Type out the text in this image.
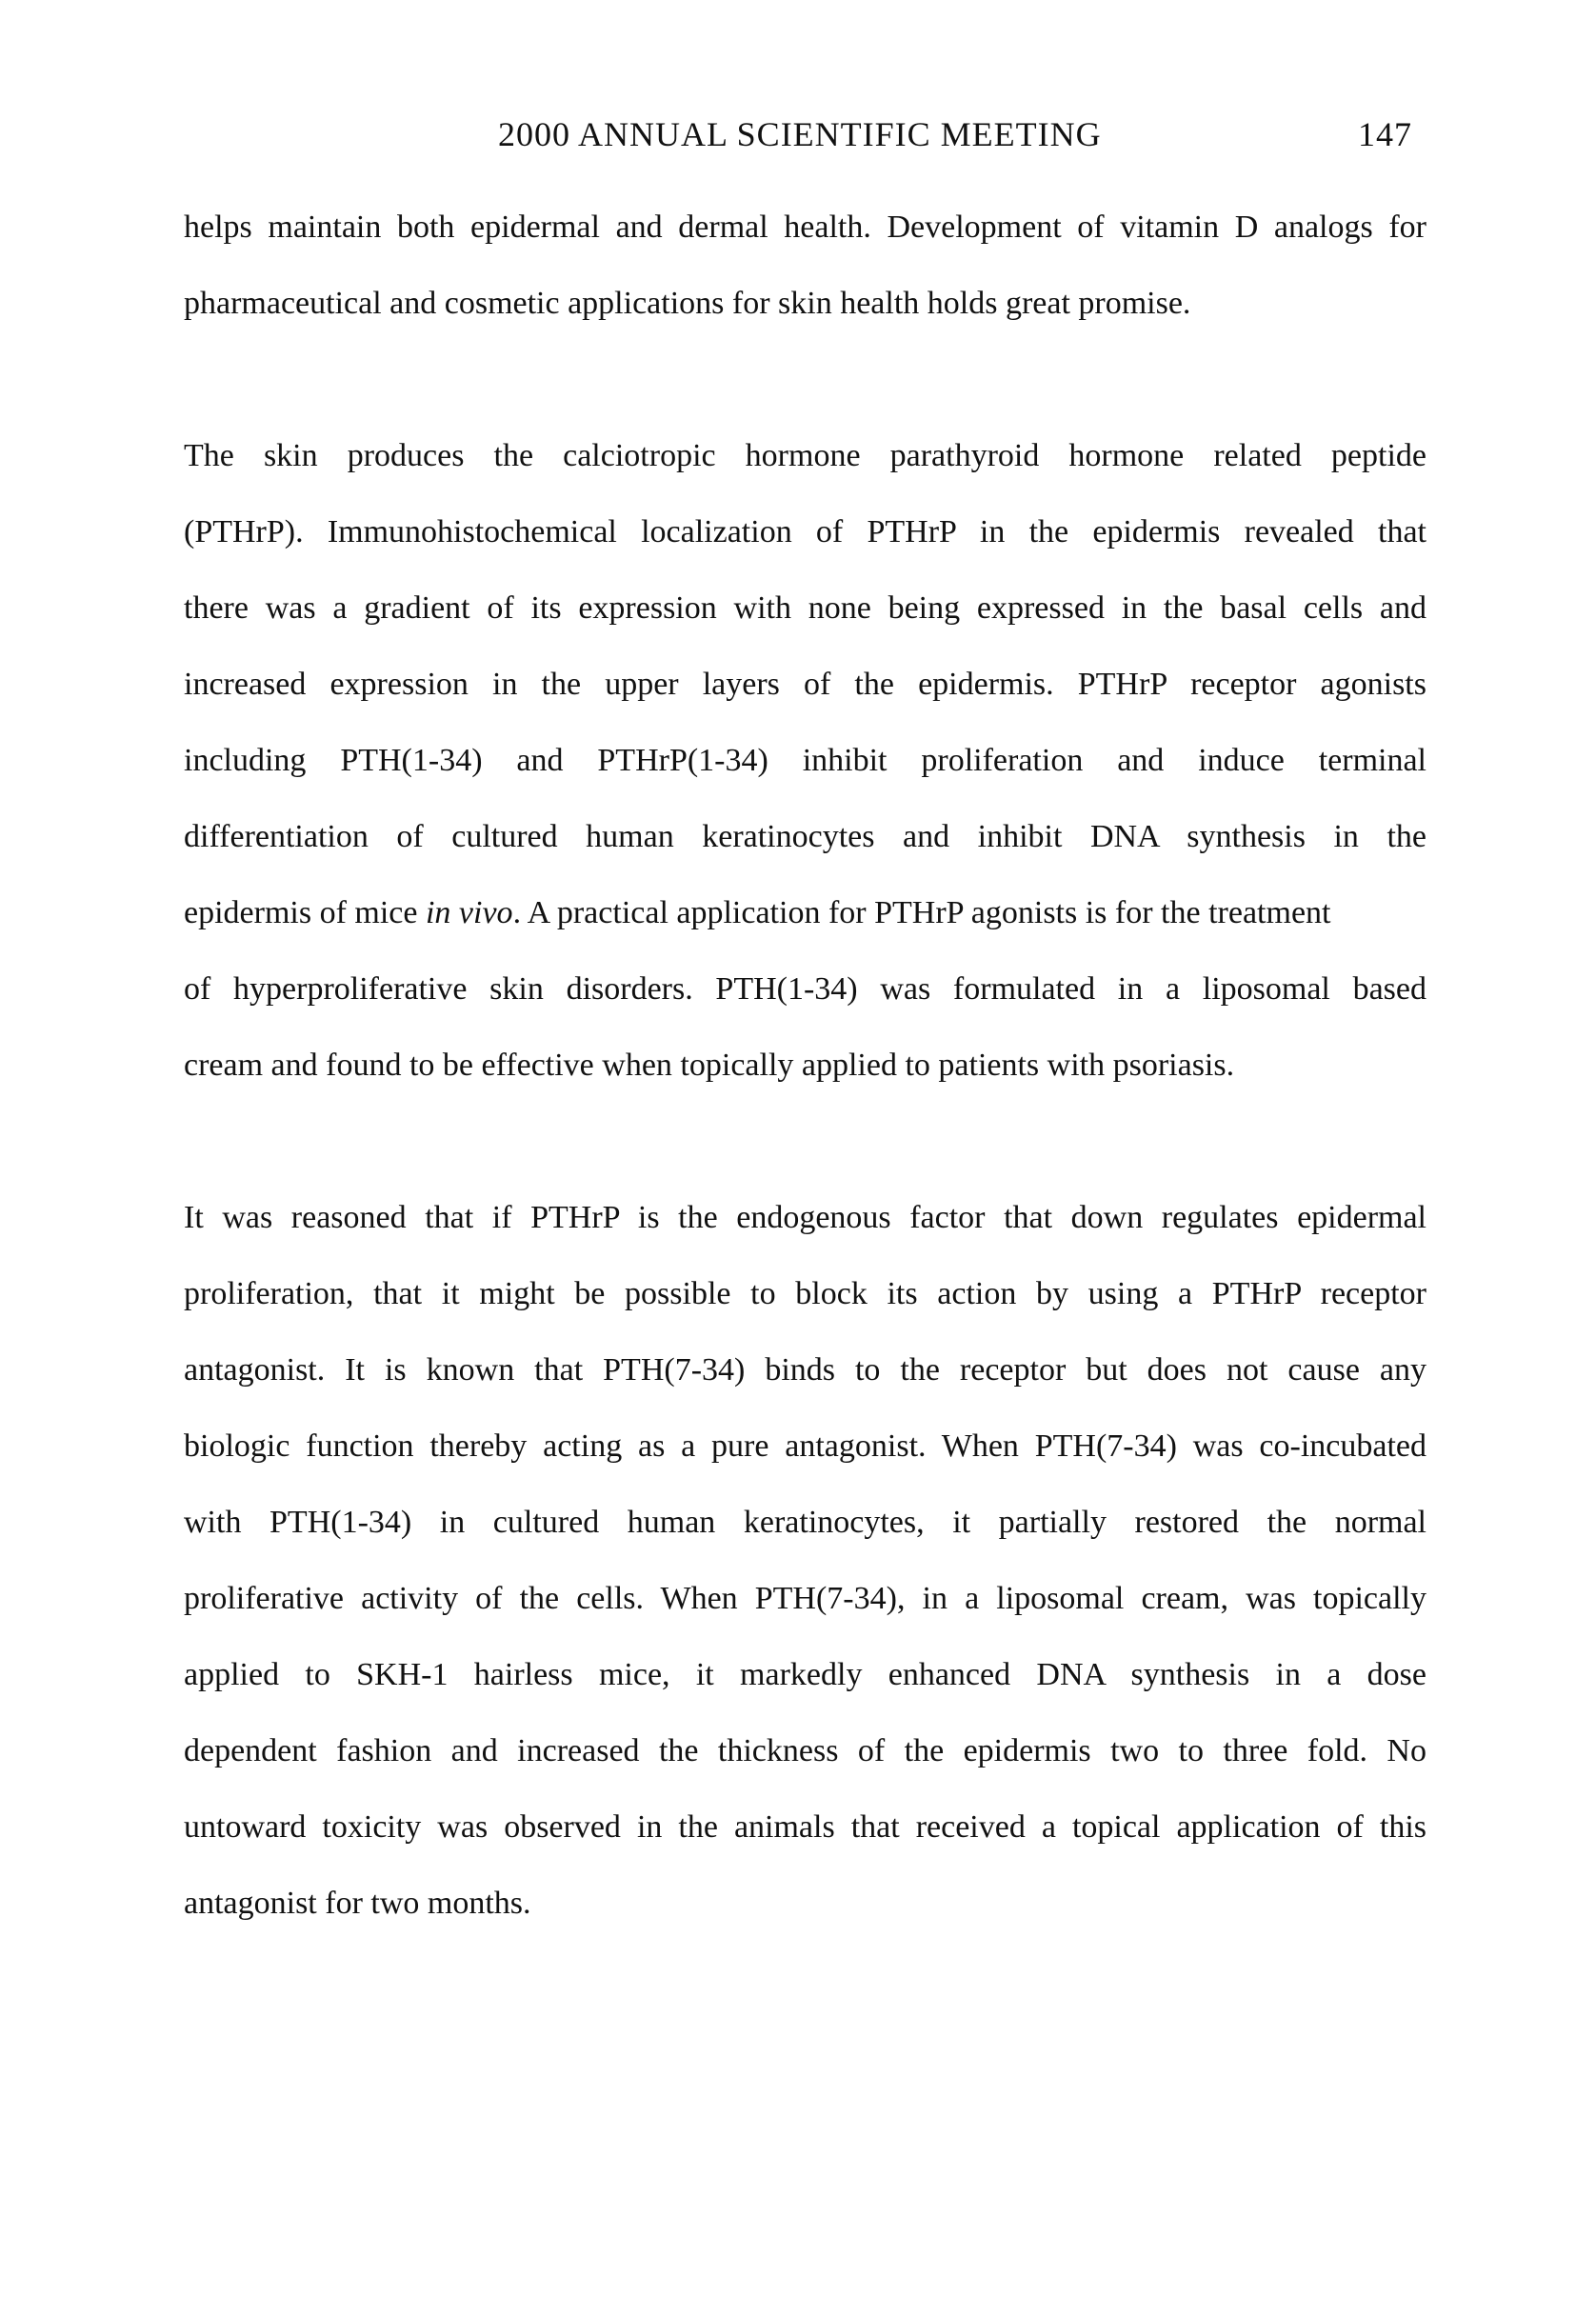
2000 ANNUAL SCIENTIFIC MEETING	147
helps maintain both epidermal and dermal health. Development of vitamin D analogs for
pharmaceutical and cosmetic applications for skin health holds great promise.
The skin produces the calciotropic hormone parathyroid hormone related peptide
(PTHrP). Immunohistochemical localization of PTHrP in the epidermis revealed that
there was a gradient of its expression with none being expressed in the basal cells and
increased expression in the upper layers of the epidermis. PTHrP receptor agonists
including PTH(1-34) and PTHrP(1-34) inhibit proliferation and induce terminal
differentiation of cultured human keratinocytes and inhibit DNA synthesis in the
epidermis of mice in vivo. A practical application for PTHrP agonists is for the treatment
of hyperproliferative skin disorders. PTH(1-34) was formulated in a liposomal based
cream and found to be effective when topically applied to patients with psoriasis.
It was reasoned that if PTHrP is the endogenous factor that down regulates epidermal
proliferation, that it might be possible to block its action by using a PTHrP receptor
antagonist. It is known that PTH(7-34) binds to the receptor but does not cause any
biologic function thereby acting as a pure antagonist. When PTH(7-34) was co-incubated
with PTH(1-34) in cultured human keratinocytes, it partially restored the normal
proliferative activity of the cells. When PTH(7-34), in a liposomal cream, was topically
applied to SKH-1 hairless mice, it markedly enhanced DNA synthesis in a dose
dependent fashion and increased the thickness of the epidermis two to three fold. No
untoward toxicity was observed in the animals that received a topical application of this
antagonist for two months.
